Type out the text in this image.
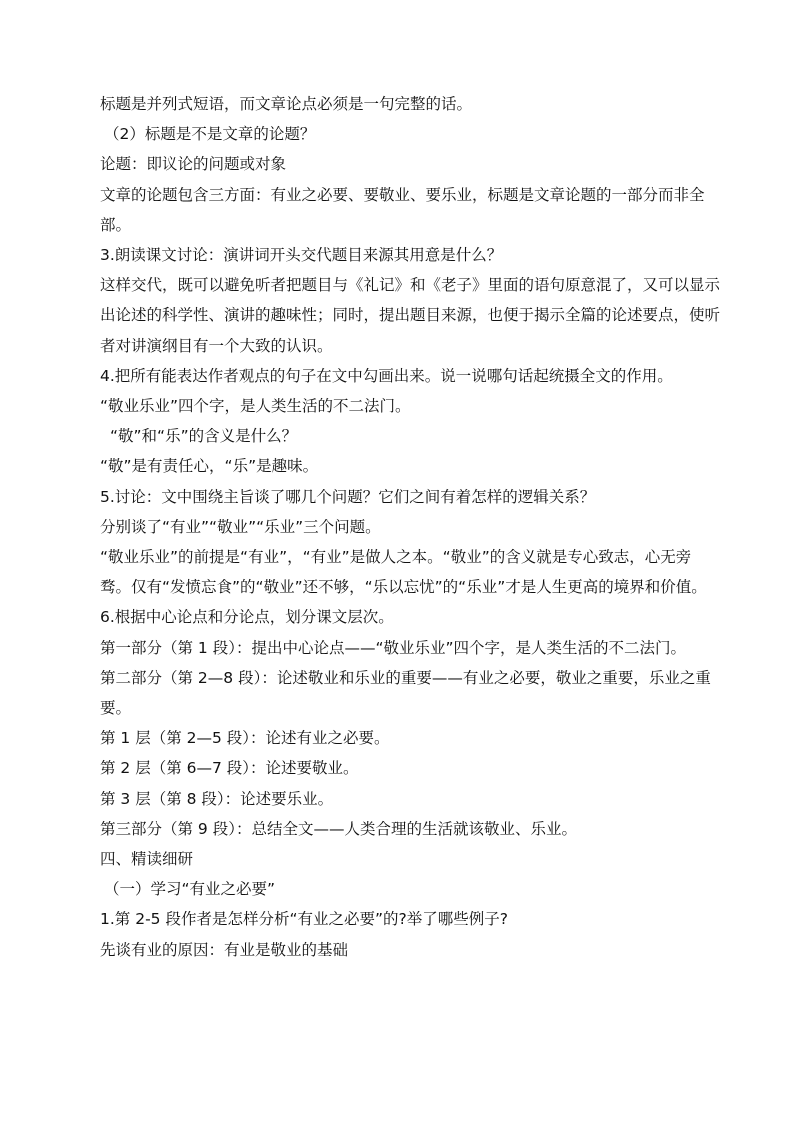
标题是并列式短语，而文章论点必须是一句完整的话。

（2）标题是不是文章的论题？

论题：即议论的问题或对象

文章的论题包含三方面：有业之必要、要敬业、要乐业，标题是文章论题的一部分而非全部。

3.朗读课文讨论：演讲词开头交代题目来源其用意是什么？

这样交代，既可以避免听者把题目与《礼记》和《老子》里面的语句原意混了，又可以显示出论述的科学性、演讲的趣味性；同时，提出题目来源，也便于揭示全篇的论述要点，使听者对讲演纲目有一个大致的认识。

4.把所有能表达作者观点的句子在文中勾画出来。说一说哪句话起统摄全文的作用。

“敬业乐业”四个字，是人类生活的不二法门。

“敬”和“乐”的含义是什么？

“敬”是有责任心，“乐”是趣味。

5.讨论：文中围绕主旨谈了哪几个问题？它们之间有着怎样的逻辑关系？

分别谈了“有业”“敬业”“乐业”三个问题。

“敬业乐业”的前提是“有业”，“有业”是做人之本。“敬业”的含义就是专心致志，心无旁骛。仅有“发愤忘食”的“敬业”还不够，“乐以忘忧”的“乐业”才是人生更高的境界和价值。

6.根据中心论点和分论点，划分课文层次。

第一部分（第 1 段）：提出中心论点——“敬业乐业”四个字，是人类生活的不二法门。

第二部分（第 2—8 段）：论述敬业和乐业的重要——有业之必要，敬业之重要，乐业之重要。

第 1 层（第 2—5 段）：论述有业之必要。

第 2 层（第 6—7 段）：论述要敬业。

第 3 层（第 8 段）：论述要乐业。

第三部分（第 9 段）：总结全文——人类合理的生活就该敬业、乐业。

四、精读细研

（一）学习“有业之必要”

1.第 2-5 段作者是怎样分析“有业之必要”的?举了哪些例子?

先谈有业的原因：有业是敬业的基础
